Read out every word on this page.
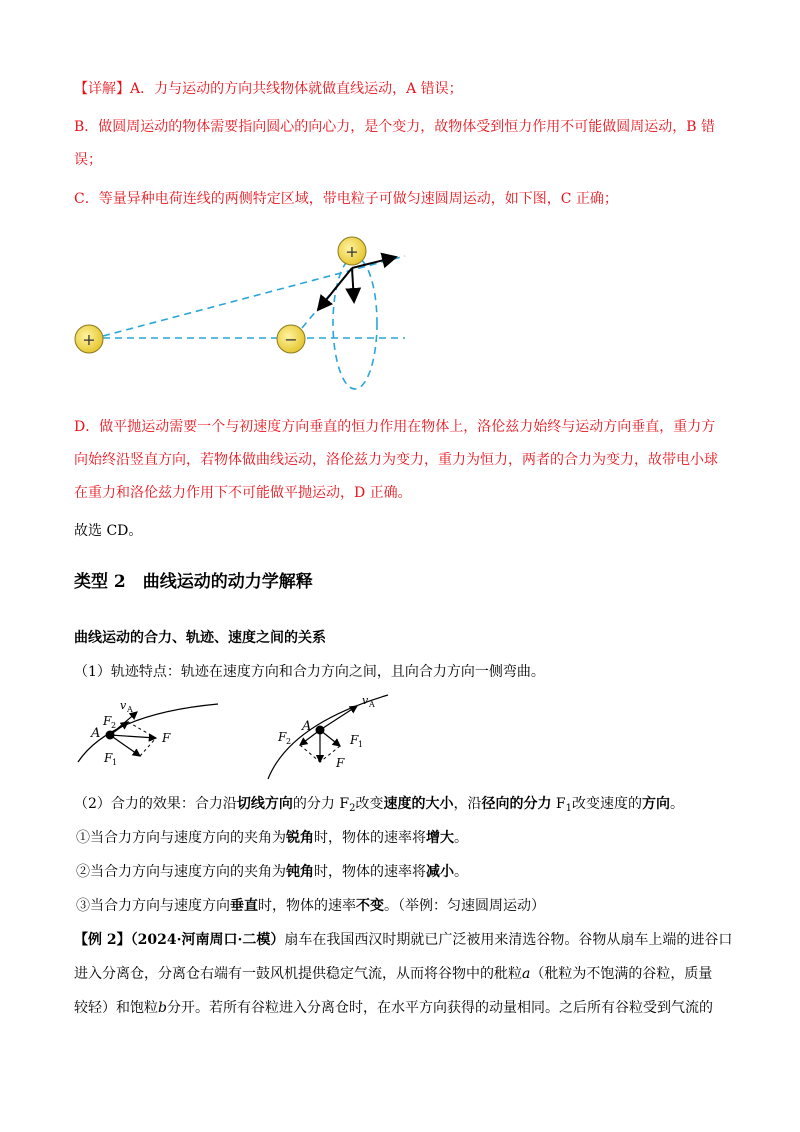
【详解】A．力与运动的方向共线物体就做直线运动，A 错误；
B．做圆周运动的物体需要指向圆心的向心力，是个变力，故物体受到恒力作用不可能做圆周运动，B 错
误；
C．等量异种电荷连线的两侧特定区域，带电粒子可做匀速圆周运动，如下图，C 正确；
+	−
+
D．做平抛运动需要一个与初速度方向垂直的恒力作用在物体上，洛伦兹力始终与运动方向垂直，重力方
向始终沿竖直方向，若物体做曲线运动，洛伦兹力为变力，重力为恒力，两者的合力为变力，故带电小球
在重力和洛伦兹力作用下不可能做平抛运动，D 正确。
故选 CD。
类型 2　曲线运动的动力学解释
曲线运动的合力、轨迹、速度之间的关系
（1）轨迹特点：轨迹在速度方向和合力方向之间，且向合力方向一侧弯曲。
v A
A
F 2
F
F 1
v A
A
F 2	F 1
F
（2）合力的效果：合力沿切线方向的分力 $F_2$改变速度的大小，沿径向的分力 $F_1$改变速度的方向。
①当合力方向与速度方向的夹角为锐角时，物体的速率将增大。
②当合力方向与速度方向的夹角为钝角时，物体的速率将减小。
③当合力方向与速度方向垂直时，物体的速率不变。（举例：匀速圆周运动）
【例 2】（2024·河南周口·二模）扇车在我国西汉时期就已广泛被用来清选谷物。谷物从扇车上端的进谷口
进入分离仓，分离仓右端有一鼓风机提供稳定气流，从而将谷物中的秕粒a（秕粒为不饱满的谷粒，质量
较轻）和饱粒b分开。若所有谷粒进入分离仓时，在水平方向获得的动量相同。之后所有谷粒受到气流的
